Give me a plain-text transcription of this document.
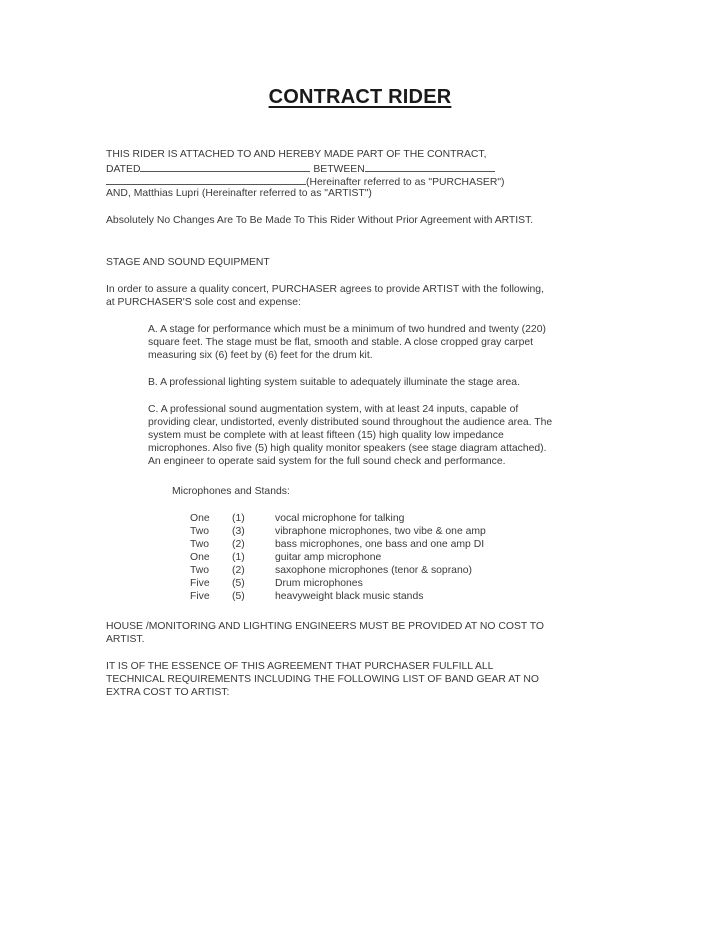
CONTRACT RIDER
THIS RIDER IS ATTACHED TO AND HEREBY MADE PART OF THE CONTRACT,
DATED	BETWEEN
(Hereinafter referred to as "PURCHASER")
AND, Matthias Lupri (Hereinafter referred to as "ARTIST")
Absolutely No Changes Are To Be Made To This Rider Without Prior Agreement with ARTIST.
STAGE AND SOUND EQUIPMENT
In order to assure a quality concert, PURCHASER agrees to provide ARTIST with the following,
at PURCHASER'S sole cost and expense:
A. A stage for performance which must be a minimum of two hundred and twenty (220)
square feet. The stage must be flat, smooth and stable. A close cropped gray carpet
measuring six (6) feet by (6) feet for the drum kit.
B. A professional lighting system suitable to adequately illuminate the stage area.
C. A professional sound augmentation system, with at least 24 inputs, capable of
providing clear, undistorted, evenly distributed sound throughout the audience area. The
system must be complete with at least fifteen (15) high quality low impedance
microphones. Also five (5) high quality monitor speakers (see stage diagram attached).
An engineer to operate said system for the full sound check and performance.
Microphones and Stands:
One (1)	vocal microphone for talking
Two (3)	vibraphone microphones, two vibe & one amp
Two (2)	bass microphones, one bass and one amp DI
One (1)	guitar amp microphone
Two (2)	saxophone microphones (tenor & soprano)
Five (5)	Drum microphones
Five (5)	heavyweight black music stands
HOUSE /MONITORING AND LIGHTING ENGINEERS MUST BE PROVIDED AT NO COST TO
ARTIST.
IT IS OF THE ESSENCE OF THIS AGREEMENT THAT PURCHASER FULFILL ALL
TECHNICAL REQUIREMENTS INCLUDING THE FOLLOWING LIST OF BAND GEAR AT NO
EXTRA COST TO ARTIST:
